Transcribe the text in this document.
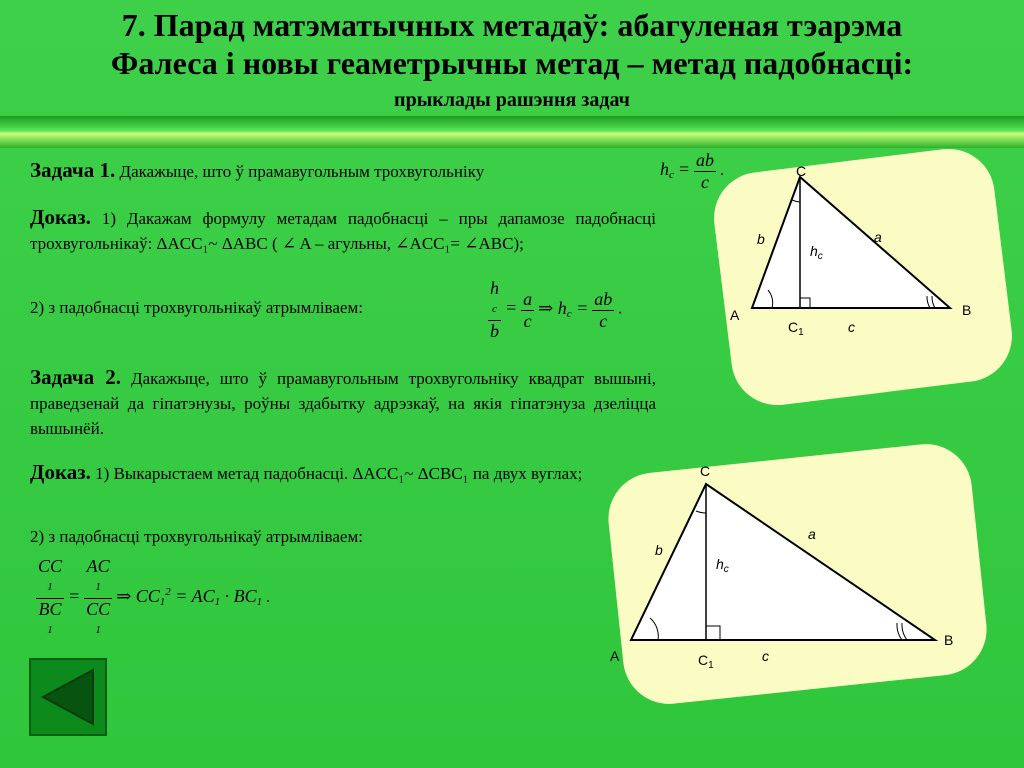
7. Парад матэматычных метадаў: абагуленая тэарэма
Фалеса і новы геаметрычны метад – метад падобнасці:
прыклады рашэння задач
Задача 1. Дакажыце, што ў прамавугольным трохвугольніку	$h_c = \frac{ab}{c}$ .
Доказ. 1) Дакажам формулу метадам падобнасці – пры дапамозе падобнасці трохвугольнікаў: ΔACC₁~ ΔABC ( ∠ A – агульны, ∠ACC₁= ∠ABC);
2) з падобнасці трохвугольнікаў атрымліваем:	h
c
$b = \frac{a}{c}$ ⇒ $h_c = \frac{ab}{c}$ .
Задача 2. Дакажыце, што ў прамавугольным трохвугольніку квадрат вышыні, праведзенай да гіпатэнузы, роўны здабытку адрэзкаў, на якія гіпатэнуза дзеліцца вышынёй.
Доказ. 1) Выкарыстаем метад падобнасці. ΔACC₁~ ΔCBC₁ па двух вуглах;
2) з падобнасці трохвугольнікаў атрымліваем:
CC
1
BC
1 = AC
1
CC
1 ⇒ $CC_1^2 = AC_1 \cdot BC_1$ .
C
A	B
$C_1$
b	a
c
$h_c$
C
A
B
$C_1$
b
a
c
$h_c$
